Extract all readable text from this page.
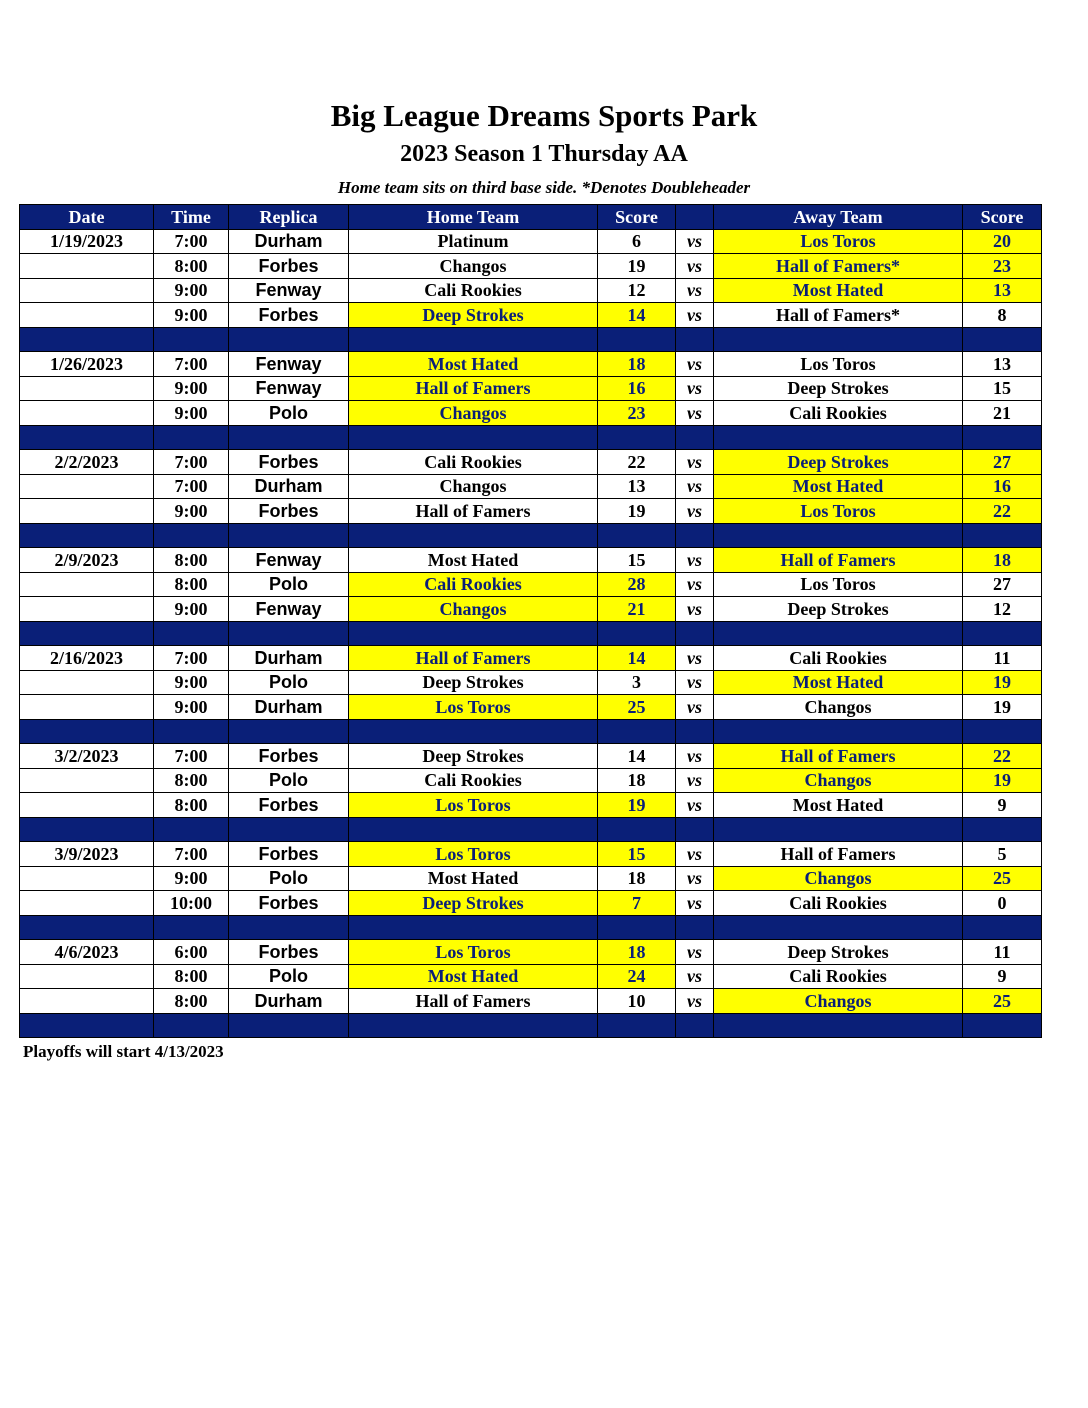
Big League Dreams Sports Park
2023 Season 1 Thursday AA
Home team sits on third base side. *Denotes Doubleheader
Date	Time	Replica	Home Team	Score		Away Team	Score
1/19/2023	7:00	Durham	Platinum	6	vs	Los Toros	20
	8:00	Forbes	Changos	19	vs	Hall of Famers*	23
	9:00	Fenway	Cali Rookies	12	vs	Most Hated	13
	9:00	Forbes	Deep Strokes	14	vs	Hall of Famers*	8

1/26/2023	7:00	Fenway	Most Hated	18	vs	Los Toros	13
	9:00	Fenway	Hall of Famers	16	vs	Deep Strokes	15
	9:00	Polo	Changos	23	vs	Cali Rookies	21

2/2/2023	7:00	Forbes	Cali Rookies	22	vs	Deep Strokes	27
	7:00	Durham	Changos	13	vs	Most Hated	16
	9:00	Forbes	Hall of Famers	19	vs	Los Toros	22

2/9/2023	8:00	Fenway	Most Hated	15	vs	Hall of Famers	18
	8:00	Polo	Cali Rookies	28	vs	Los Toros	27
	9:00	Fenway	Changos	21	vs	Deep Strokes	12

2/16/2023	7:00	Durham	Hall of Famers	14	vs	Cali Rookies	11
	9:00	Polo	Deep Strokes	3	vs	Most Hated	19
	9:00	Durham	Los Toros	25	vs	Changos	19

3/2/2023	7:00	Forbes	Deep Strokes	14	vs	Hall of Famers	22
	8:00	Polo	Cali Rookies	18	vs	Changos	19
	8:00	Forbes	Los Toros	19	vs	Most Hated	9

3/9/2023	7:00	Forbes	Los Toros	15	vs	Hall of Famers	5
	9:00	Polo	Most Hated	18	vs	Changos	25
	10:00	Forbes	Deep Strokes	7	vs	Cali Rookies	0

4/6/2023	6:00	Forbes	Los Toros	18	vs	Deep Strokes	11
	8:00	Polo	Most Hated	24	vs	Cali Rookies	9
	8:00	Durham	Hall of Famers	10	vs	Changos	25

Playoffs will start 4/13/2023
